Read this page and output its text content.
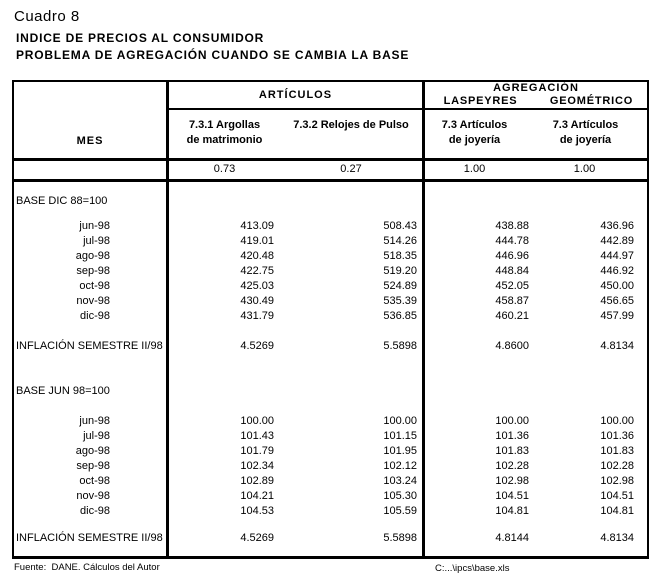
Cuadro 8
INDICE DE PRECIOS AL CONSUMIDOR
PROBLEMA DE AGREGACIÓN CUANDO SE CAMBIA LA BASE
MES
ARTÍCULOS
AGREGACIÓN
LASPEYRES	GEOMÉTRICO
7.3.1 Argollas
de matrimonio
7.3.2 Relojes de Pulso	7.3 Artículos
de joyería
7.3 Artículos
de joyería
0.73	0.27	1.00	1.00
BASE DIC 88=100
jun-98	413.09	508.43	438.88	436.96
jul-98	419.01	514.26	444.78	442.89
ago-98	420.48	518.35	446.96	444.97
sep-98	422.75	519.20	448.84	446.92
oct-98	425.03	524.89	452.05	450.00
nov-98	430.49	535.39	458.87	456.65
dic-98	431.79	536.85	460.21	457.99
INFLACIÓN SEMESTRE II/98	4.5269	5.5898	4.8600	4.8134
BASE JUN 98=100
jun-98	100.00	100.00	100.00	100.00
jul-98	101.43	101.15	101.36	101.36
ago-98	101.79	101.95	101.83	101.83
sep-98	102.34	102.12	102.28	102.28
oct-98	102.89	103.24	102.98	102.98
nov-98	104.21	105.30	104.51	104.51
dic-98	104.53	105.59	104.81	104.81
INFLACIÓN SEMESTRE II/98	4.5269	5.5898	4.8144	4.8134
Fuente:  DANE. Cálculos del Autor	C:...\ipcs\base.xls
